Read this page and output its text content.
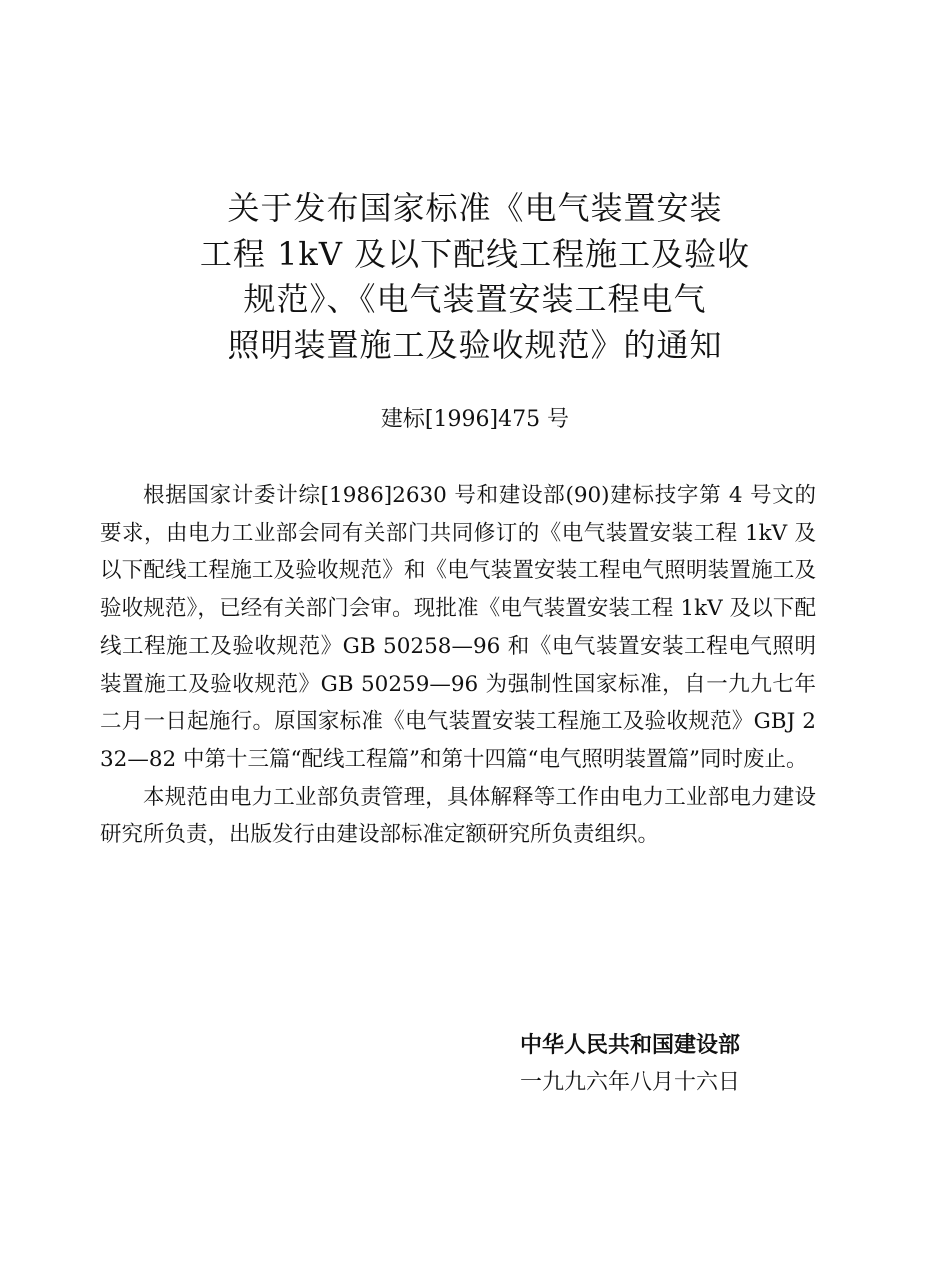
关于发布国家标准《电气装置安装
工程 1kV 及以下配线工程施工及验收
规范》、《电气装置安装工程电气
照明装置施工及验收规范》的通知
建标[1996]475 号

根据国家计委计综[1986]2630 号和建设部(90)建标技字第 4 号文的要求，由电力工业部会同有关部门共同修订的《电气装置安装工程 1kV 及以下配线工程施工及验收规范》和《电气装置安装工程电气照明装置施工及验收规范》，已经有关部门会审。现批准《电气装置安装工程 1kV 及以下配线工程施工及验收规范》GB 50258—96 和《电气装置安装工程电气照明装置施工及验收规范》GB 50259—96 为强制性国家标准，自一九九七年二月一日起施行。原国家标准《电气装置安装工程施工及验收规范》GBJ 232—82 中第十三篇“配线工程篇”和第十四篇“电气照明装置篇”同时废止。

本规范由电力工业部负责管理，具体解释等工作由电力工业部电力建设研究所负责，出版发行由建设部标准定额研究所负责组织。

中华人民共和国建设部
一九九六年八月十六日
